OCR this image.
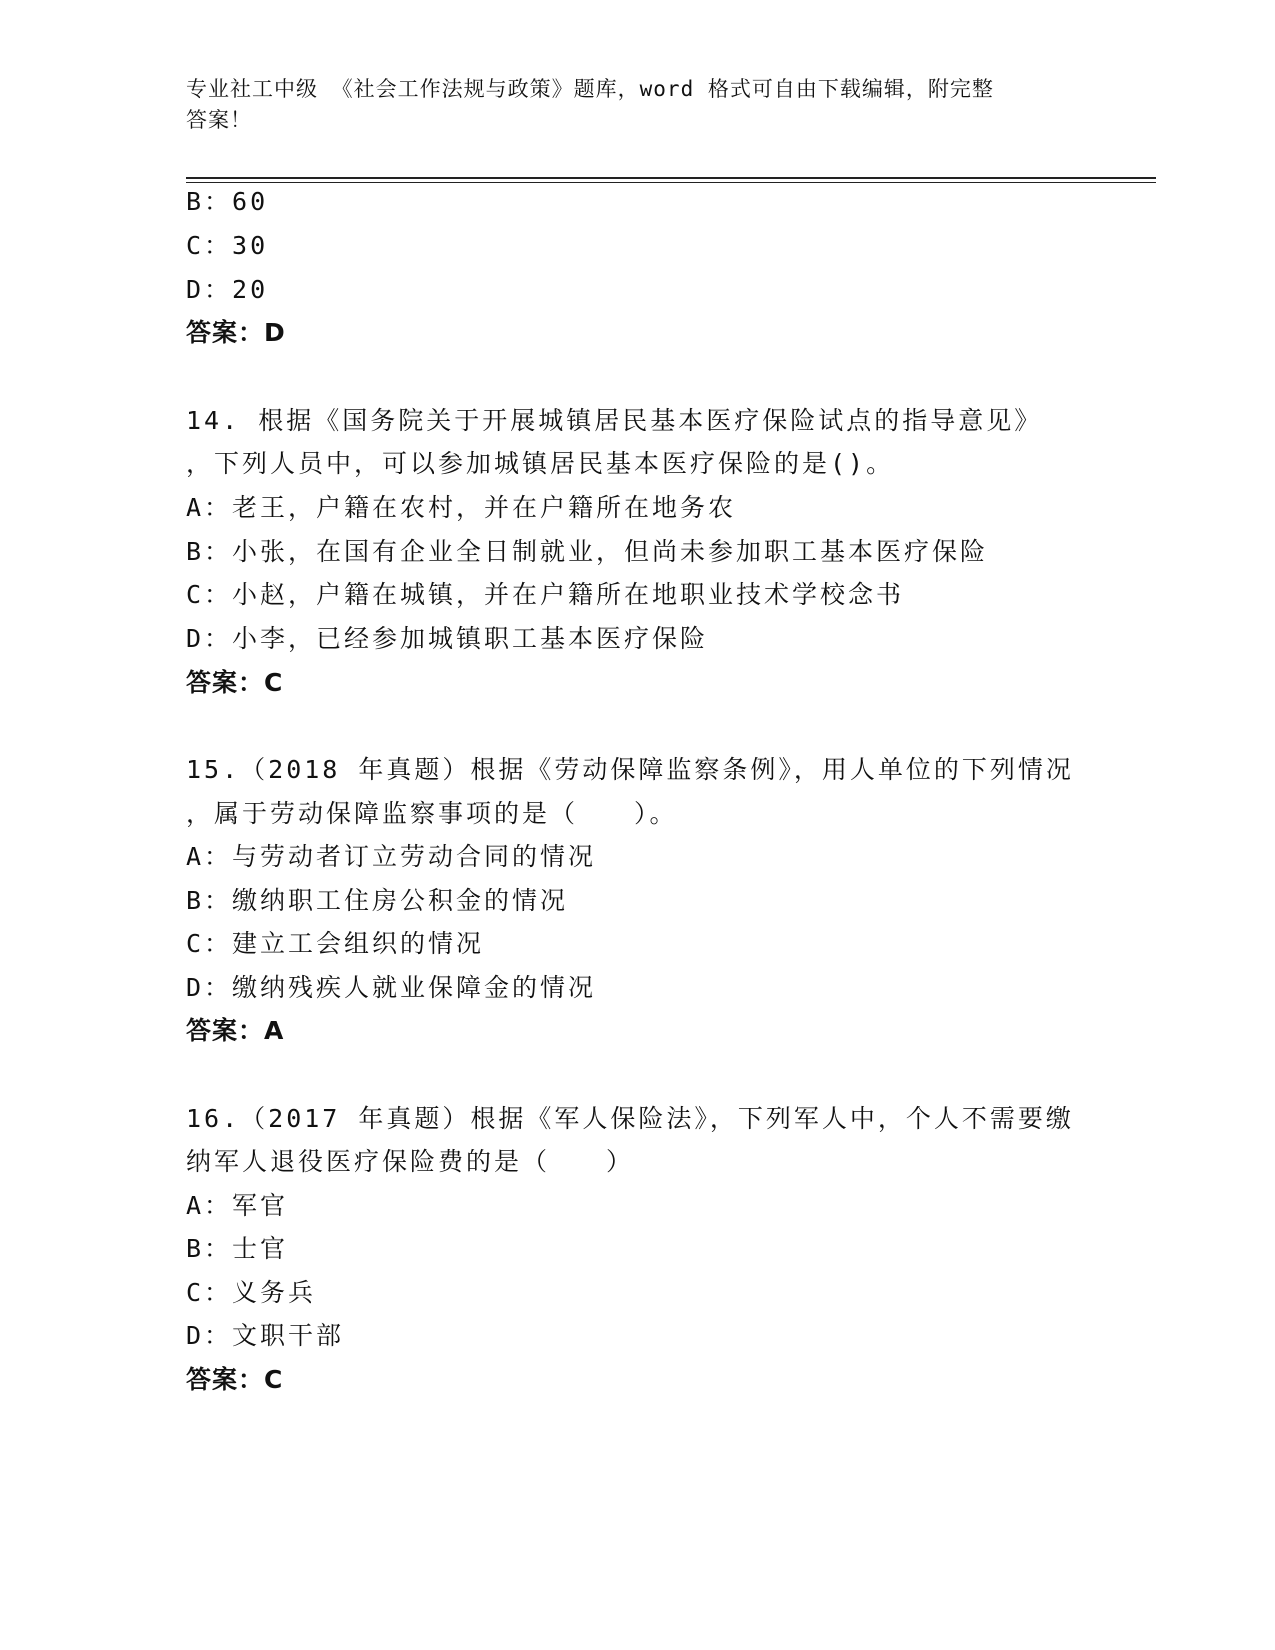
专业社工中级 《社会工作法规与政策》题库，word 格式可自由下载编辑，附完整
答案！
B：60
C：30
D：20
答案：D
14. 根据《国务院关于开展城镇居民基本医疗保险试点的指导意见》
，下列人员中，可以参加城镇居民基本医疗保险的是()。
A：老王，户籍在农村，并在户籍所在地务农
B：小张，在国有企业全日制就业，但尚未参加职工基本医疗保险
C：小赵，户籍在城镇，并在户籍所在地职业技术学校念书
D：小李，已经参加城镇职工基本医疗保险
答案：C
15.（2018 年真题）根据《劳动保障监察条例》，用人单位的下列情况
，属于劳动保障监察事项的是（　　）。
A：与劳动者订立劳动合同的情况
B：缴纳职工住房公积金的情况
C：建立工会组织的情况
D：缴纳残疾人就业保障金的情况
答案：A
16.（2017 年真题）根据《军人保险法》，下列军人中，个人不需要缴
纳军人退役医疗保险费的是（　　）
A：军官
B：士官
C：义务兵
D：文职干部
答案：C
